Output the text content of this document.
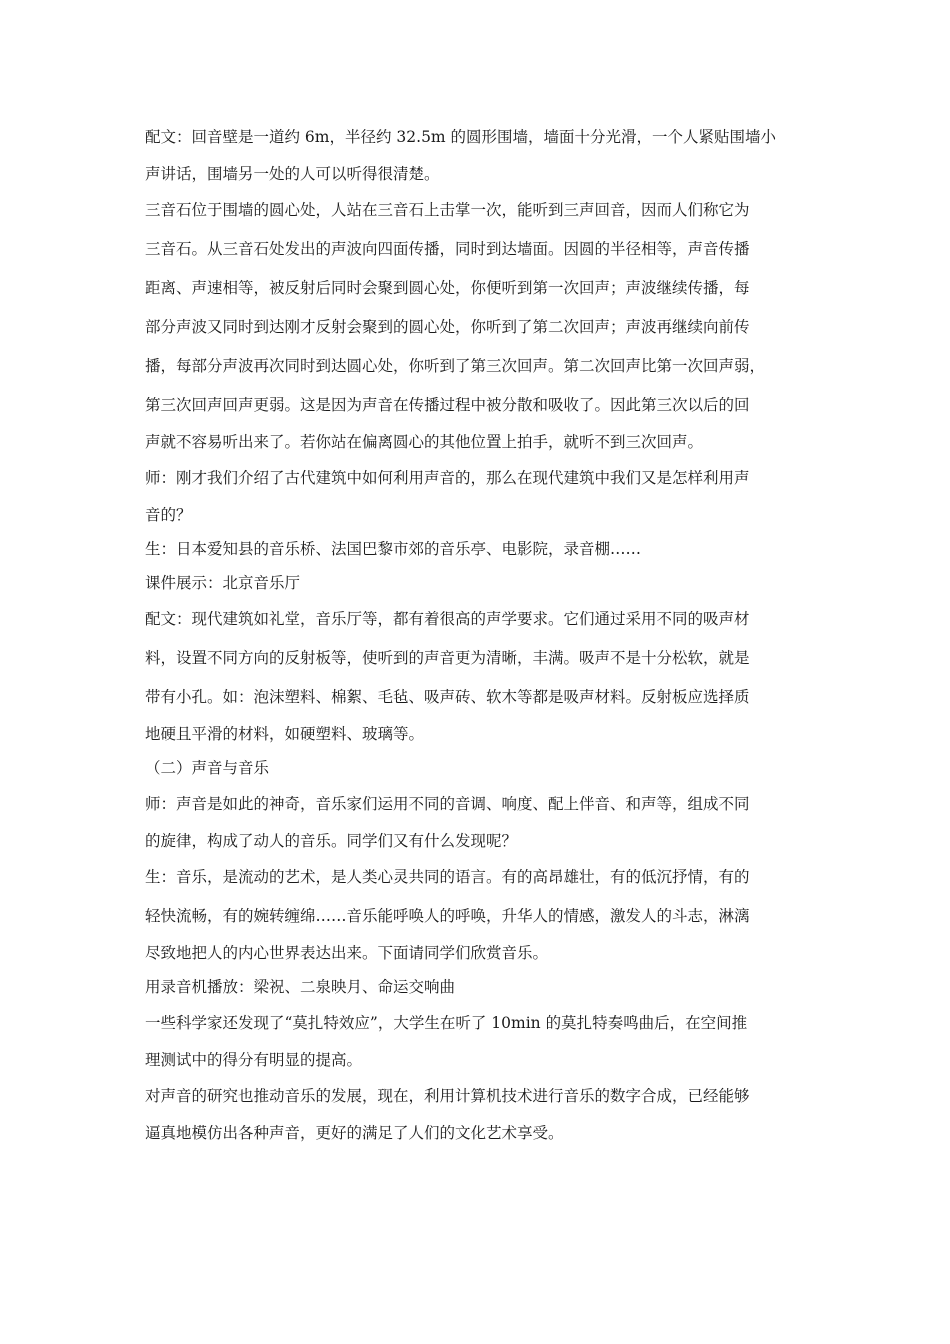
配文：回音壁是一道约 6m，半径约 32.5m 的圆形围墙，墙面十分光滑，一个人紧贴围墙小
声讲话，围墙另一处的人可以听得很清楚。
三音石位于围墙的圆心处，人站在三音石上击掌一次，能听到三声回音，因而人们称它为
三音石。从三音石处发出的声波向四面传播，同时到达墙面。因圆的半径相等，声音传播
距离、声速相等，被反射后同时会聚到圆心处，你便听到第一次回声；声波继续传播，每
部分声波又同时到达刚才反射会聚到的圆心处，你听到了第二次回声；声波再继续向前传
播，每部分声波再次同时到达圆心处，你听到了第三次回声。第二次回声比第一次回声弱，
第三次回声回声更弱。这是因为声音在传播过程中被分散和吸收了。因此第三次以后的回
声就不容易听出来了。若你站在偏离圆心的其他位置上拍手，就听不到三次回声。
师：刚才我们介绍了古代建筑中如何利用声音的，那么在现代建筑中我们又是怎样利用声
音的？
生：日本爱知县的音乐桥、法国巴黎市郊的音乐亭、电影院，录音棚……
课件展示：北京音乐厅
配文：现代建筑如礼堂，音乐厅等，都有着很高的声学要求。它们通过采用不同的吸声材
料，设置不同方向的反射板等，使听到的声音更为清晰，丰满。吸声不是十分松软，就是
带有小孔。如：泡沫塑料、棉絮、毛毡、吸声砖、软木等都是吸声材料。反射板应选择质
地硬且平滑的材料，如硬塑料、玻璃等。
（二）声音与音乐
师：声音是如此的神奇，音乐家们运用不同的音调、响度、配上伴音、和声等，组成不同
的旋律，构成了动人的音乐。同学们又有什么发现呢？
生：音乐，是流动的艺术，是人类心灵共同的语言。有的高昂雄壮，有的低沉抒情，有的
轻快流畅，有的婉转缠绵……音乐能呼唤人的呼唤，升华人的情感，激发人的斗志，淋漓
尽致地把人的内心世界表达出来。下面请同学们欣赏音乐。
用录音机播放：梁祝、二泉映月、命运交响曲
一些科学家还发现了“莫扎特效应”，大学生在听了 10min 的莫扎特奏鸣曲后，在空间推
理测试中的得分有明显的提高。
对声音的研究也推动音乐的发展，现在，利用计算机技术进行音乐的数字合成，已经能够
逼真地模仿出各种声音，更好的满足了人们的文化艺术享受。
